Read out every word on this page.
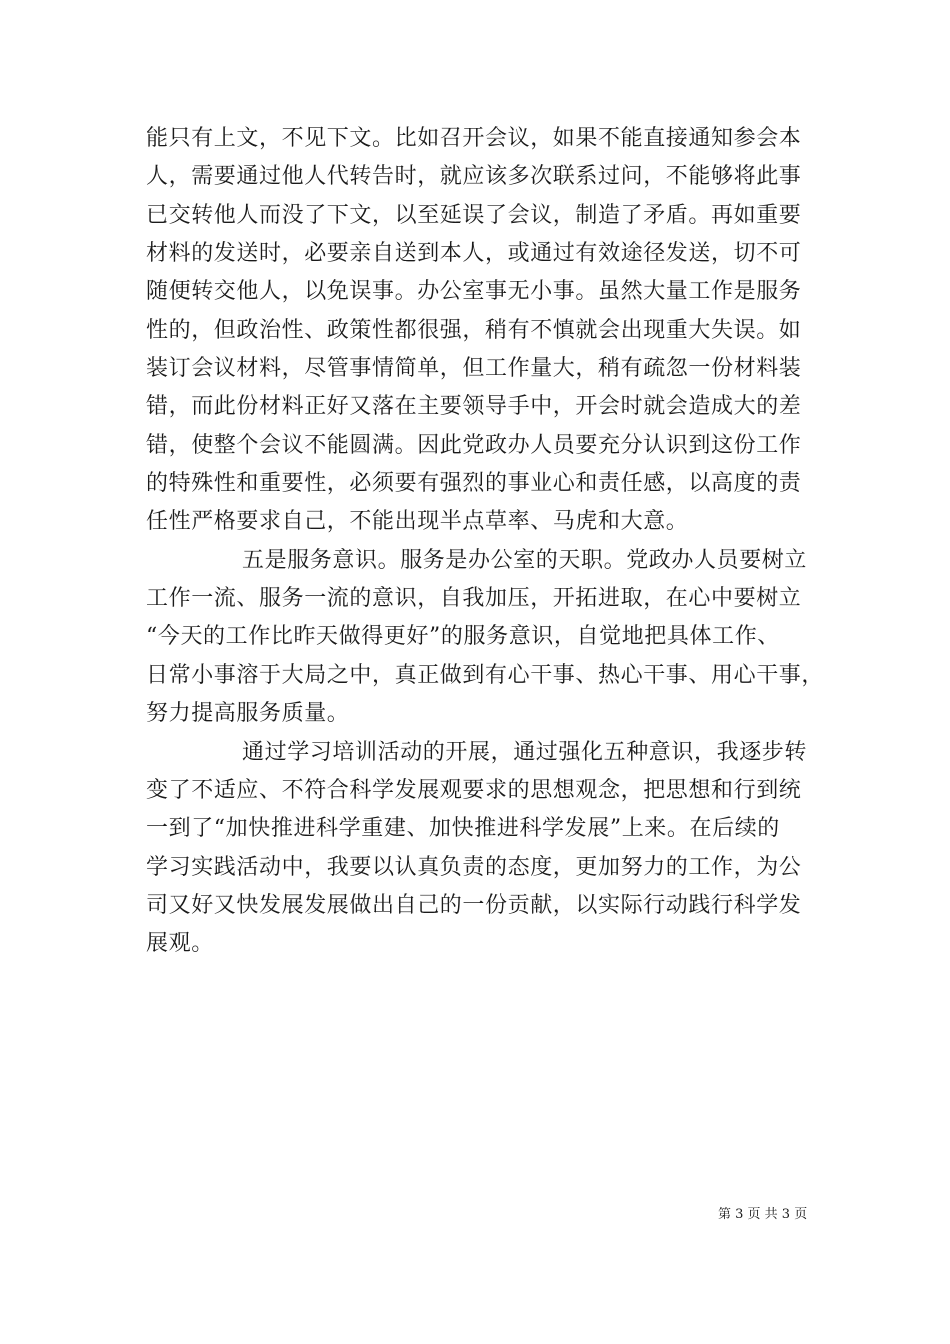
能只有上文，不见下文。比如召开会议，如果不能直接通知参会本
人，需要通过他人代转告时，就应该多次联系过问，不能够将此事
已交转他人而没了下文，以至延误了会议，制造了矛盾。再如重要
材料的发送时，必要亲自送到本人，或通过有效途径发送，切不可
随便转交他人，以免误事。办公室事无小事。虽然大量工作是服务
性的，但政治性、政策性都很强，稍有不慎就会出现重大失误。如
装订会议材料，尽管事情简单，但工作量大，稍有疏忽一份材料装
错，而此份材料正好又落在主要领导手中，开会时就会造成大的差
错，使整个会议不能圆满。因此党政办人员要充分认识到这份工作
的特殊性和重要性，必须要有强烈的事业心和责任感，以高度的责
任性严格要求自己，不能出现半点草率、马虎和大意。
五是服务意识。服务是办公室的天职。党政办人员要树立
工作一流、服务一流的意识，自我加压，开拓进取，在心中要树立
“今天的工作比昨天做得更好”的服务意识，自觉地把具体工作、
日常小事溶于大局之中，真正做到有心干事、热心干事、用心干事，
努力提高服务质量。
通过学习培训活动的开展，通过强化五种意识，我逐步转
变了不适应、不符合科学发展观要求的思想观念，把思想和行到统
一到了“加快推进科学重建、加快推进科学发展”上来。在后续的
学习实践活动中，我要以认真负责的态度，更加努力的工作，为公
司又好又快发展发展做出自己的一份贡献，以实际行动践行科学发
展观。
第 3 页 共 3 页
